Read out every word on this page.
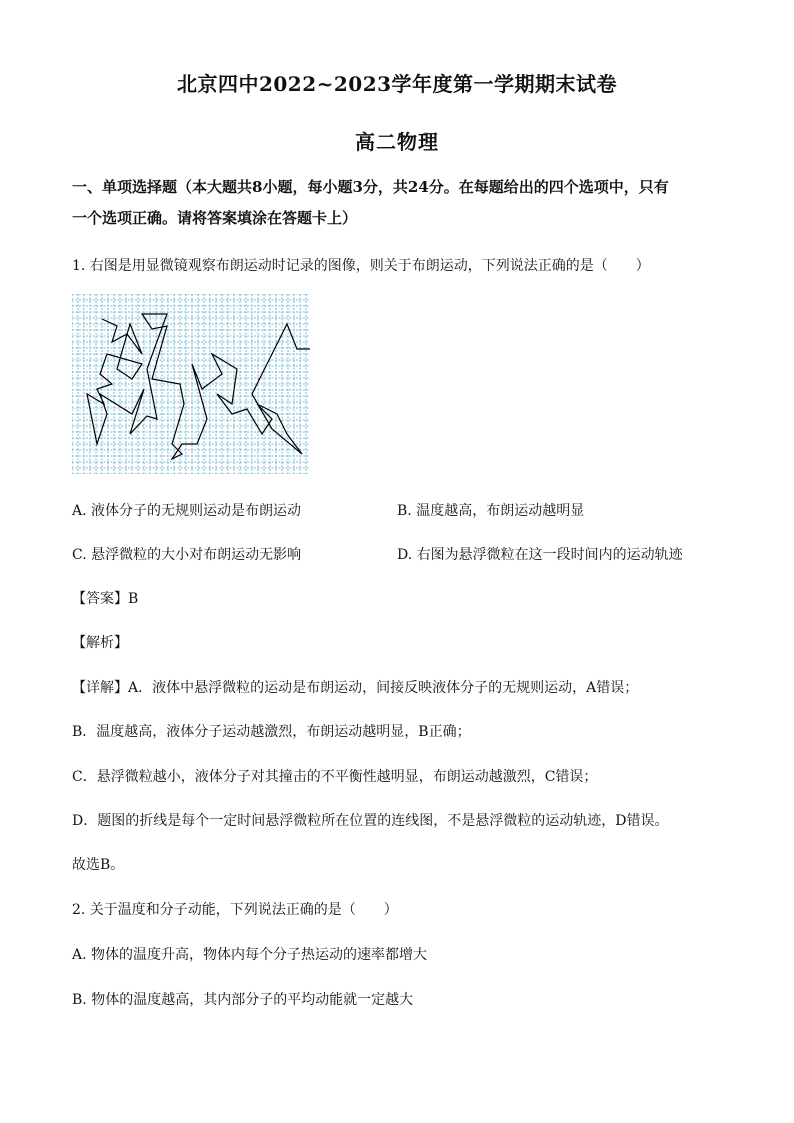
北京四中2022~2023学年度第一学期期末试卷
高二物理
一、单项选择题（本大题共8小题，每小题3分，共24分。在每题给出的四个选项中，只有
一个选项正确。请将答案填涂在答题卡上）
1. 右图是用显微镜观察布朗运动时记录的图像，则关于布朗运动，下列说法正确的是（　　）
A. 液体分子的无规则运动是布朗运动	B. 温度越高，布朗运动越明显
C. 悬浮微粒的大小对布朗运动无影响	D. 右图为悬浮微粒在这一段时间内的运动轨迹
【答案】B
【解析】
【详解】A．液体中悬浮微粒的运动是布朗运动，间接反映液体分子的无规则运动，A错误；
B．温度越高，液体分子运动越激烈，布朗运动越明显，B正确；
C．悬浮微粒越小，液体分子对其撞击的不平衡性越明显，布朗运动越激烈，C错误；
D．题图的折线是每个一定时间悬浮微粒所在位置的连线图，不是悬浮微粒的运动轨迹，D错误。
故选B。
2. 关于温度和分子动能，下列说法正确的是（　　）
A. 物体的温度升高，物体内每个分子热运动的速率都增大
B. 物体的温度越高，其内部分子的平均动能就一定越大
